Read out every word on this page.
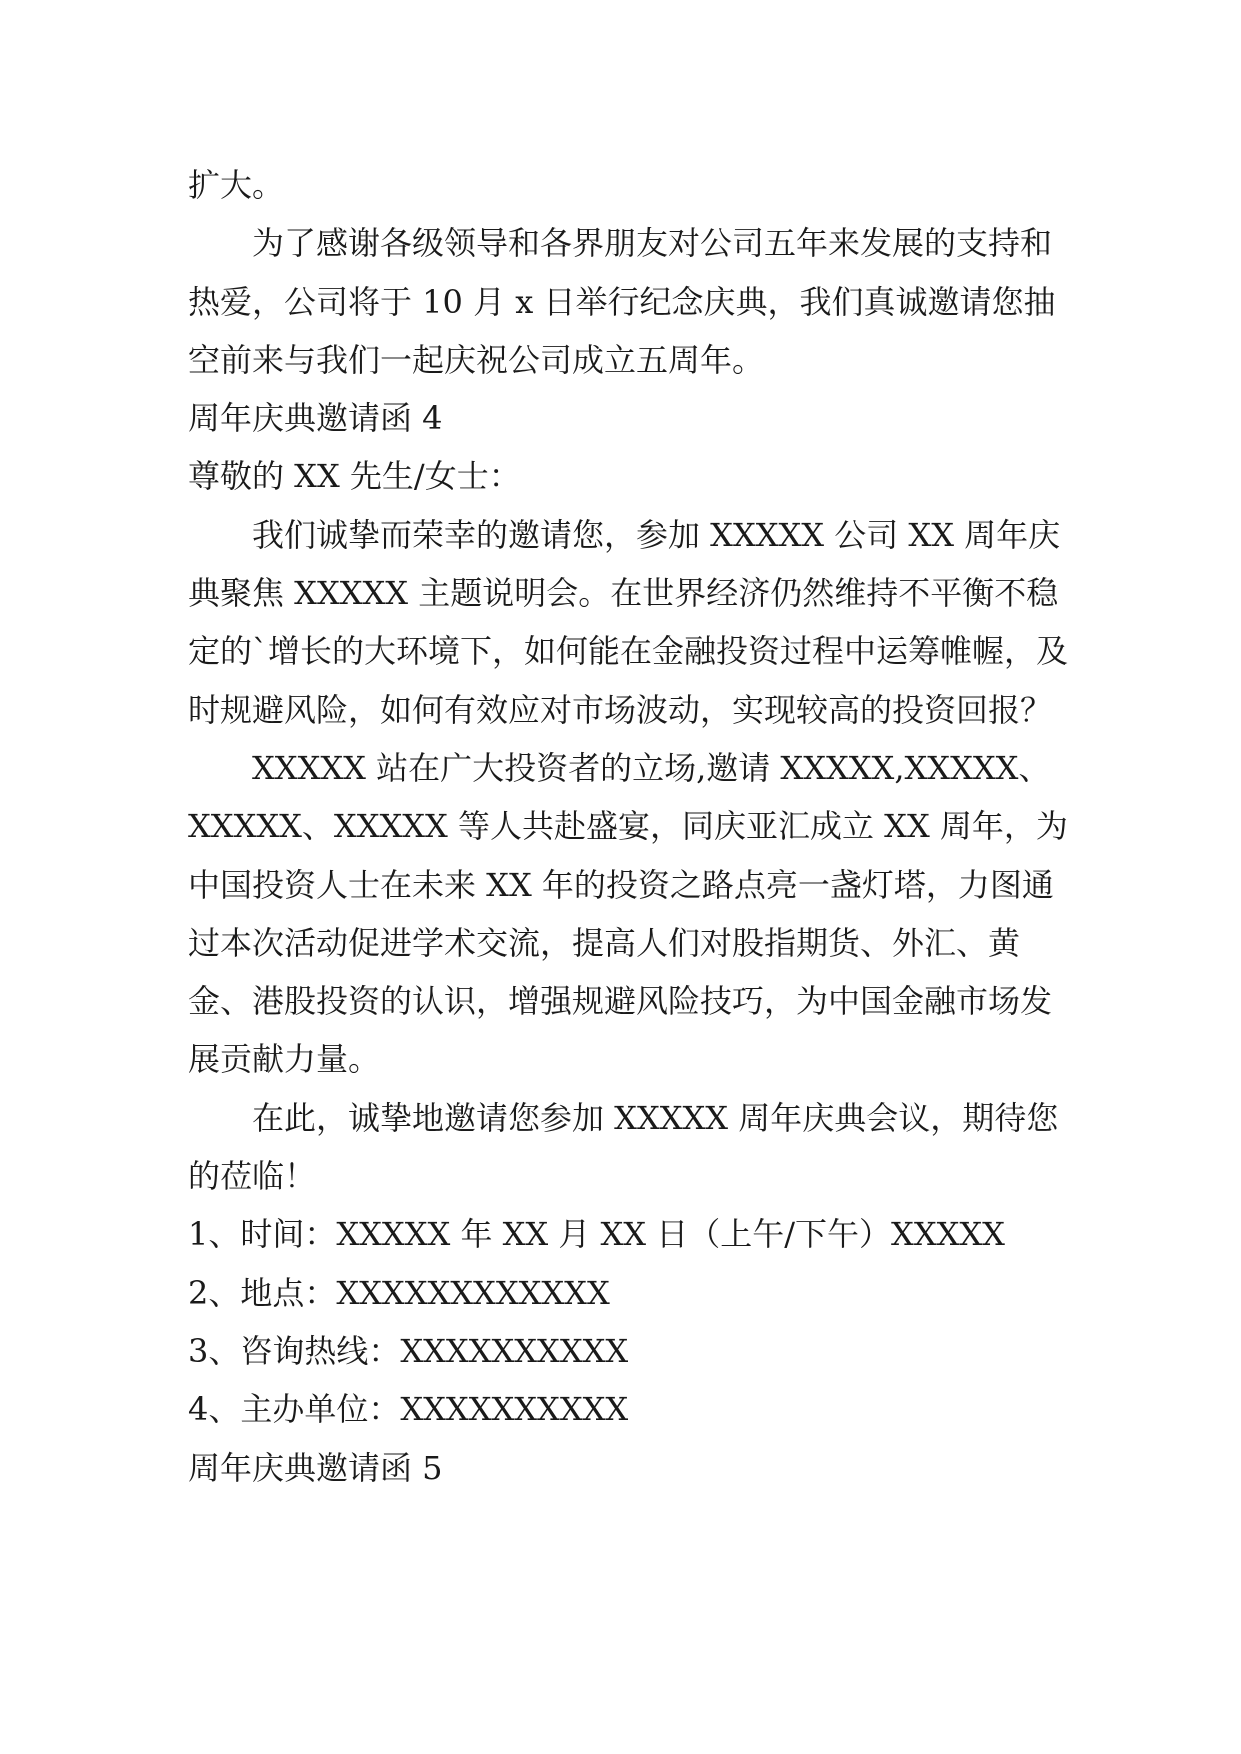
扩大。

为了感谢各级领导和各界朋友对公司五年来发展的支持和热爱，公司将于 10 月 x 日举行纪念庆典，我们真诚邀请您抽空前来与我们一起庆祝公司成立五周年。

周年庆典邀请函 4

尊敬的 XX 先生/女士：

我们诚挚而荣幸的邀请您，参加 XXXXX 公司 XX 周年庆典聚焦 XXXXX 主题说明会。在世界经济仍然维持不平衡不稳定的`增长的大环境下，如何能在金融投资过程中运筹帷幄，及时规避风险，如何有效应对市场波动，实现较高的投资回报？

XXXXX 站在广大投资者的立场,邀请 XXXXX,XXXXX、XXXXX、XXXXX 等人共赴盛宴，同庆亚汇成立 XX 周年，为中国投资人士在未来 XX 年的投资之路点亮一盏灯塔，力图通过本次活动促进学术交流，提高人们对股指期货、外汇、黄金、港股投资的认识，增强规避风险技巧，为中国金融市场发展贡献力量。

在此，诚挚地邀请您参加 XXXXX 周年庆典会议，期待您的莅临！

1、时间：XXXXX 年 XX 月 XX 日（上午/下午）XXXXX

2、地点：XXXXXXXXXXXX

3、咨询热线：XXXXXXXXXX

4、主办单位：XXXXXXXXXX

周年庆典邀请函 5
